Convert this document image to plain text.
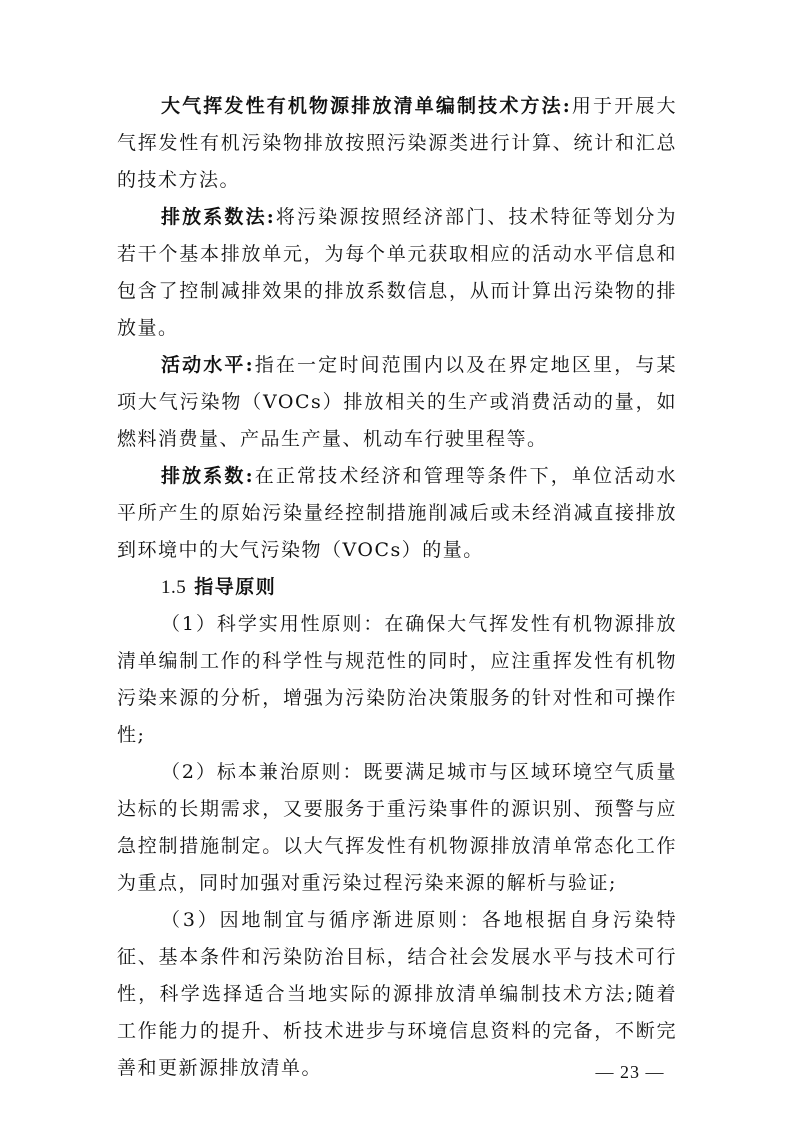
大气挥发性有机物源排放清单编制技术方法:用于开展大气挥发性有机污染物排放按照污染源类进行计算、统计和汇总的技术方法。

排放系数法:将污染源按照经济部门、技术特征等划分为若干个基本排放单元，为每个单元获取相应的活动水平信息和包含了控制减排效果的排放系数信息，从而计算出污染物的排放量。

活动水平:指在一定时间范围内以及在界定地区里，与某项大气污染物（VOCs）排放相关的生产或消费活动的量，如燃料消费量、产品生产量、机动车行驶里程等。

排放系数:在正常技术经济和管理等条件下，单位活动水平所产生的原始污染量经控制措施削减后或未经消减直接排放到环境中的大气污染物（VOCs）的量。

1.5 指导原则

（1）科学实用性原则：在确保大气挥发性有机物源排放清单编制工作的科学性与规范性的同时，应注重挥发性有机物污染来源的分析，增强为污染防治决策服务的针对性和可操作性;

（2）标本兼治原则：既要满足城市与区域环境空气质量达标的长期需求，又要服务于重污染事件的源识别、预警与应急控制措施制定。以大气挥发性有机物源排放清单常态化工作为重点，同时加强对重污染过程污染来源的解析与验证;

（3）因地制宜与循序渐进原则：各地根据自身污染特征、基本条件和污染防治目标，结合社会发展水平与技术可行性，科学选择适合当地实际的源排放清单编制技术方法;随着工作能力的提升、析技术进步与环境信息资料的完备，不断完善和更新源排放清单。	— 23 —
